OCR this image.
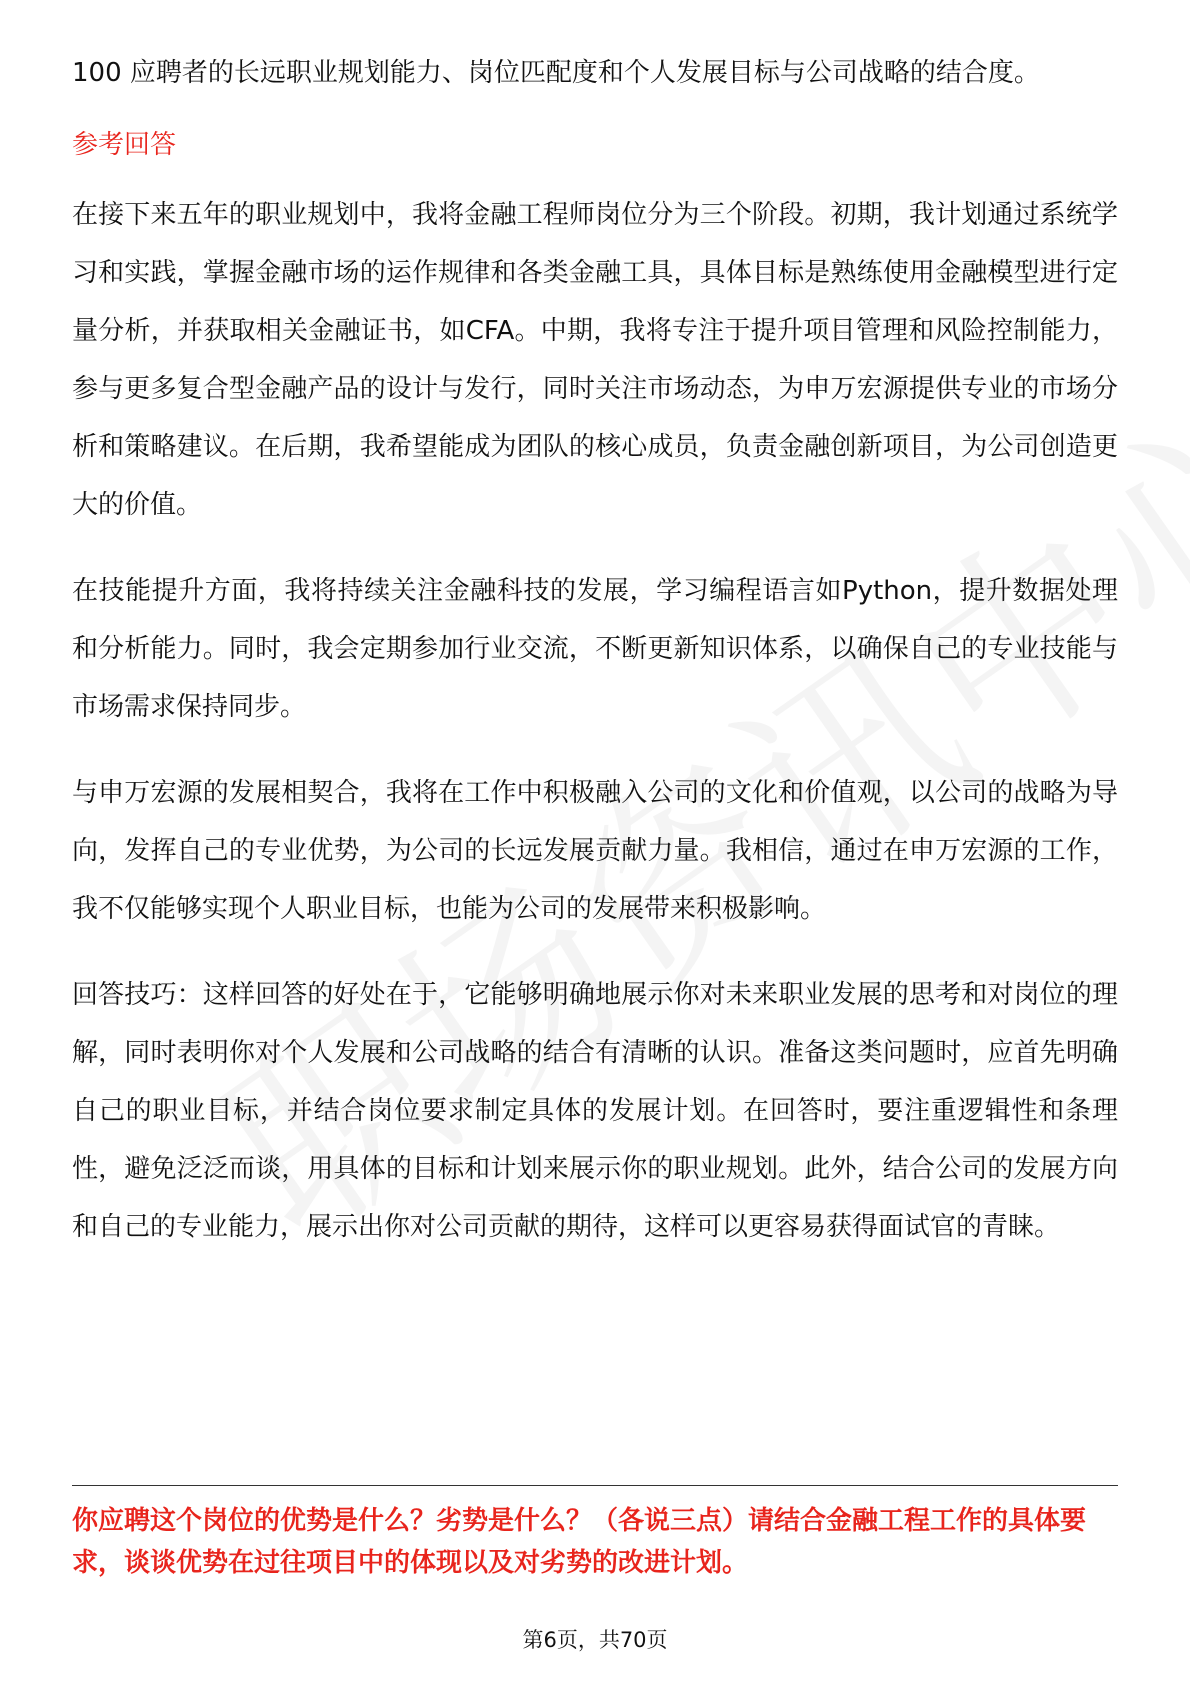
100 应聘者的长远职业规划能力、岗位匹配度和个人发展目标与公司战略的结合度。

参考回答

在接下来五年的职业规划中，我将金融工程师岗位分为三个阶段。初期，我计划通过系统学习和实践，掌握金融市场的运作规律和各类金融工具，具体目标是熟练使用金融模型进行定量分析，并获取相关金融证书，如CFA。中期，我将专注于提升项目管理和风险控制能力，参与更多复合型金融产品的设计与发行，同时关注市场动态，为申万宏源提供专业的市场分析和策略建议。在后期，我希望能成为团队的核心成员，负责金融创新项目，为公司创造更大的价值。

在技能提升方面，我将持续关注金融科技的发展，学习编程语言如Python，提升数据处理和分析能力。同时，我会定期参加行业交流，不断更新知识体系，以确保自己的专业技能与市场需求保持同步。

与申万宏源的发展相契合，我将在工作中积极融入公司的文化和价值观，以公司的战略为导向，发挥自己的专业优势，为公司的长远发展贡献力量。我相信，通过在申万宏源的工作，我不仅能够实现个人职业目标，也能为公司的发展带来积极影响。

回答技巧：这样回答的好处在于，它能够明确地展示你对未来职业发展的思考和对岗位的理解，同时表明你对个人发展和公司战略的结合有清晰的认识。准备这类问题时，应首先明确自己的职业目标，并结合岗位要求制定具体的发展计划。在回答时，要注重逻辑性和条理性，避免泛泛而谈，用具体的目标和计划来展示你的职业规划。此外，结合公司的发展方向和自己的专业能力，展示出你对公司贡献的期待，这样可以更容易获得面试官的青睐。

你应聘这个岗位的优势是什么？劣势是什么？（各说三点）请结合金融工程工作的具体要求，谈谈优势在过往项目中的体现以及对劣势的改进计划。

第6页，共70页
